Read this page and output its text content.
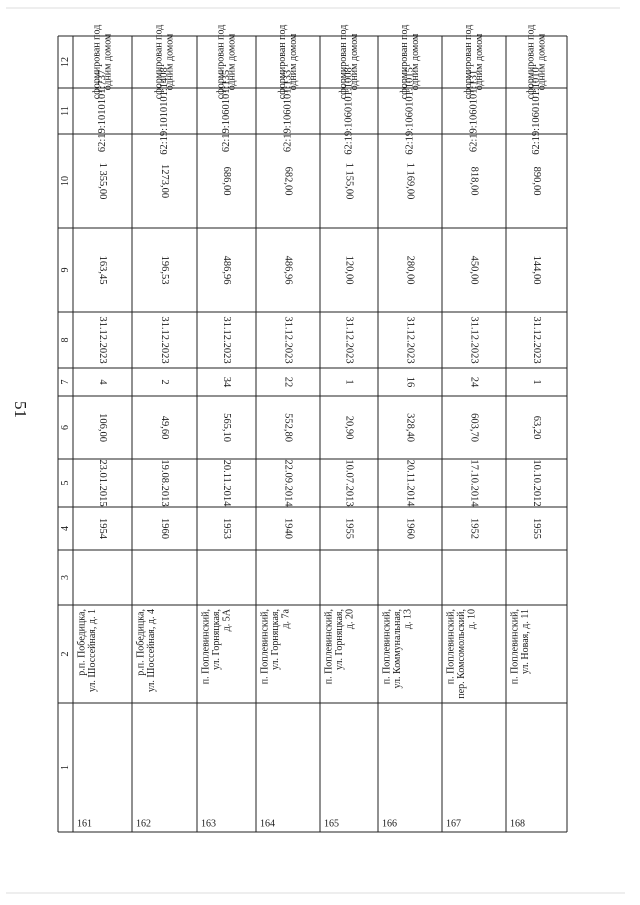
51
1
2
3
4
5
6
7
8
9
10
11
12
161
сформирован под одним домом
62:19:1010101:737
1 355,00
163,45
31.12.2023
4
106,00
23.01.2015
1954
р.п. Победицка, ул. Шоссейная, д. 1
162
сформирован под одним домом
62:19:1010101:1408
1273,00
196,53
31.12.2023
2
49,60
19.08.2013
1960
р.п. Победицка, ул. Шоссейная, д. 4
163
сформирован под одним домом
62:19:1060101:135
686,00
486,96
31.12.2023
34
565,10
20.11.2014
1953
п. Поплевинский, ул. Горняцкая, д. 5А
164
сформирован под одним домом
62:19:1060101:133
682,00
486,96
31.12.2023
22
552,80
22.09.2014
1940
п. Поплевинский, ул. Горняцкая, д. 7а
165
сформирован под одним домом
62:19:1060101:1008
1 155,00
120,00
31.12.2023
1
20,90
10.07.2013
1955
п. Поплевинский, ул. Горняцкая, д. 20
166
сформирован под одним домом
62:19:1060101:1015
1 169,00
280,00
31.12.2023
16
328,40
20.11.2014
1960
п. Поплевинский, ул. Коммунальная, д. 13
167
сформирован под одним домом
62:19:1060101:131
818,00
450,00
31.12.2023
24
603,70
17.10.2014
1952
п. Поплевинский, пер. Комсомольский, д. 10
168
сформирован под одним домом
62:19:1060101:1010
890,00
144,00
31.12.2023
1
63,20
10.10.2012
1955
п. Поплевинский, ул. Новая, д. 11
